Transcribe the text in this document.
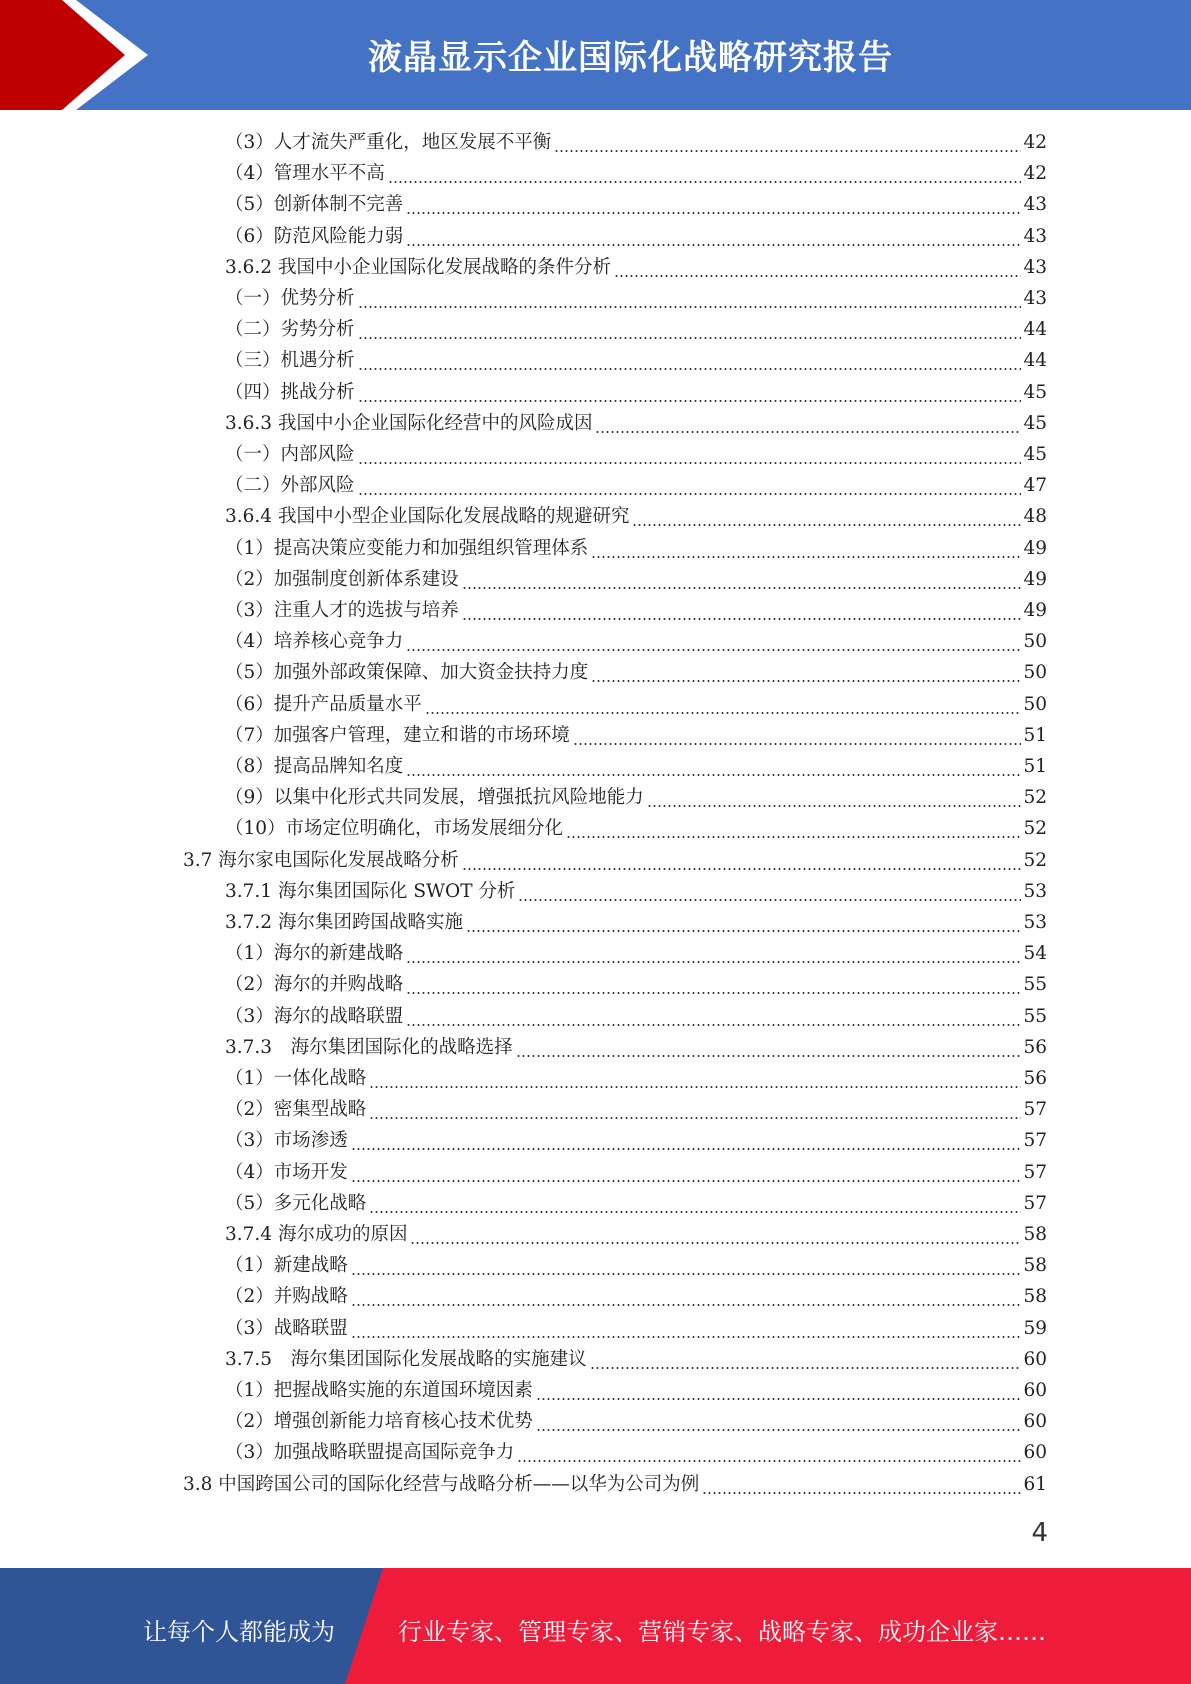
液晶显示企业国际化战略研究报告
（3）人才流失严重化，地区发展不平衡	42
（4）管理水平不高	42
（5）创新体制不完善	43
（6）防范风险能力弱	43
3.6.2 我国中小企业国际化发展战略的条件分析	43
（一）优势分析	43
（二）劣势分析	44
（三）机遇分析	44
（四）挑战分析	45
3.6.3 我国中小企业国际化经营中的风险成因	45
（一）内部风险	45
（二）外部风险	47
3.6.4 我国中小型企业国际化发展战略的规避研究	48
（1）提高决策应变能力和加强组织管理体系	49
（2）加强制度创新体系建设	49
（3）注重人才的选拔与培养	49
（4）培养核心竞争力	50
（5）加强外部政策保障、加大资金扶持力度	50
（6）提升产品质量水平	50
（7）加强客户管理，建立和谐的市场环境	51
（8）提高品牌知名度	51
（9）以集中化形式共同发展，增强抵抗风险地能力	52
（10）市场定位明确化，市场发展细分化	52
3.7 海尔家电国际化发展战略分析	52
3.7.1 海尔集团国际化 SWOT 分析	53
3.7.2 海尔集团跨国战略实施	53
（1）海尔的新建战略	54
（2）海尔的并购战略	55
（3）海尔的战略联盟	55
3.7.3　海尔集团国际化的战略选择	56
（1）一体化战略	56
（2）密集型战略	57
（3）市场渗透	57
（4）市场开发	57
（5）多元化战略	57
3.7.4 海尔成功的原因	58
（1）新建战略	58
（2）并购战略	58
（3）战略联盟	59
3.7.5　海尔集团国际化发展战略的实施建议	60
（1）把握战略实施的东道国环境因素	60
（2）增强创新能力培育核心技术优势	60
（3）加强战略联盟提高国际竞争力	60
3.8 中国跨国公司的国际化经营与战略分析——以华为公司为例	61
4
让每个人都能成为	行业专家、管理专家、营销专家、战略专家、成功企业家……
